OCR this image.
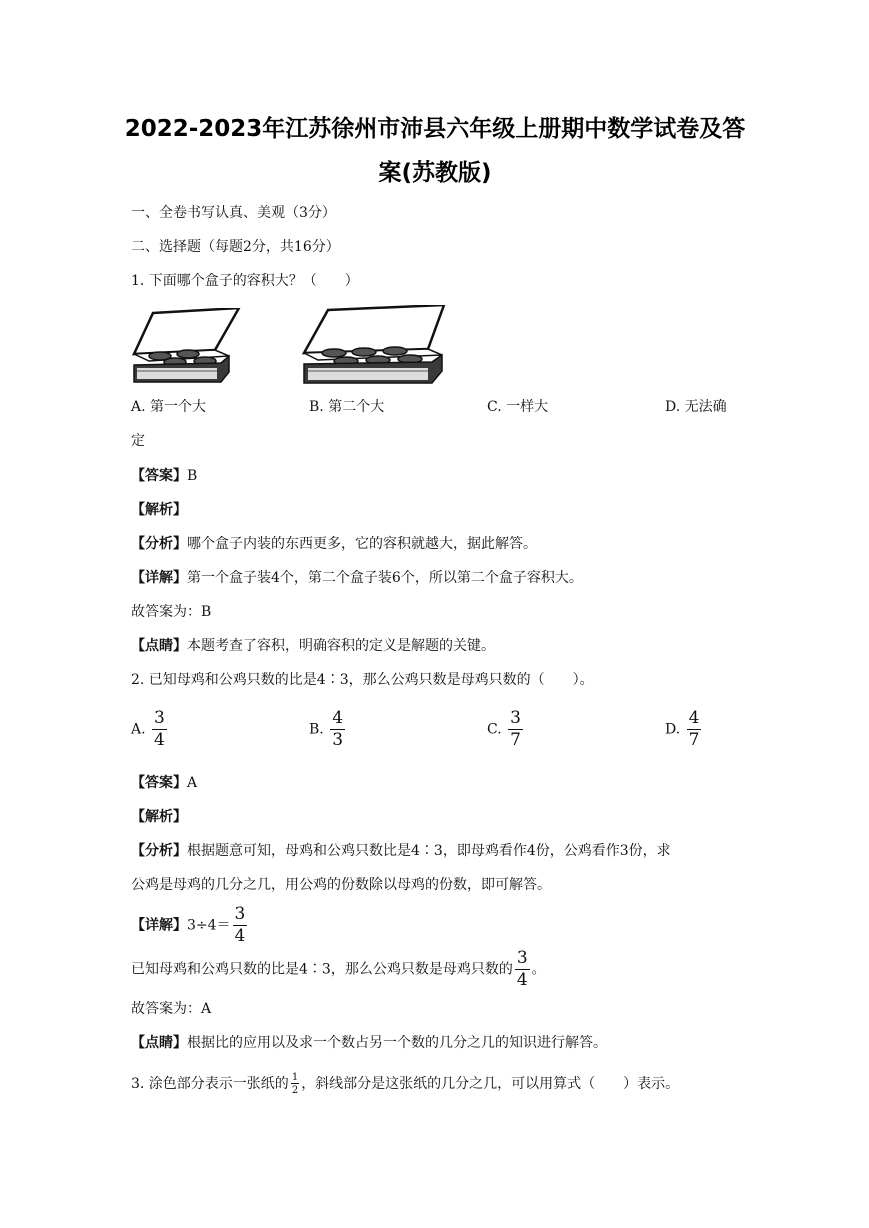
2022-2023年江苏徐州市沛县六年级上册期中数学试卷及答
案(苏教版)
一、全卷书写认真、美观（3分）
二、选择题（每题2分，共16分）
1. 下面哪个盒子的容积大？（　　）
A. 第一个大	B. 第二个大	C. 一样大	D. 无法确
定
【答案】B
【解析】
【分析】哪个盒子内装的东西更多，它的容积就越大，据此解答。
【详解】第一个盒子装4个，第二个盒子装6个，所以第二个盒子容积大。
故答案为：B
【点睛】本题考查了容积，明确容积的定义是解题的关键。
2. 已知母鸡和公鸡只数的比是4∶3，那么公鸡只数是母鸡只数的（　　）。
A. $\frac{3}{4}$	B. $\frac{4}{3}$	C. $\frac{3}{7}$	D. $\frac{4}{7}$
【答案】A
【解析】
【分析】根据题意可知，母鸡和公鸡只数比是4∶3，即母鸡看作4份，公鸡看作3份，求
公鸡是母鸡的几分之几，用公鸡的份数除以母鸡的份数，即可解答。
【详解】$3\div 4= \frac{3}{4}$
已知母鸡和公鸡只数的比是4∶3，那么公鸡只数是母鸡只数的 $\frac{3}{4}$ 。
故答案为：A
【点睛】根据比的应用以及求一个数占另一个数的几分之几的知识进行解答。
3. 涂色部分表示一张纸的 $\frac{1}{2}$ ，斜线部分是这张纸的几分之几，可以用算式（　　）表示。
